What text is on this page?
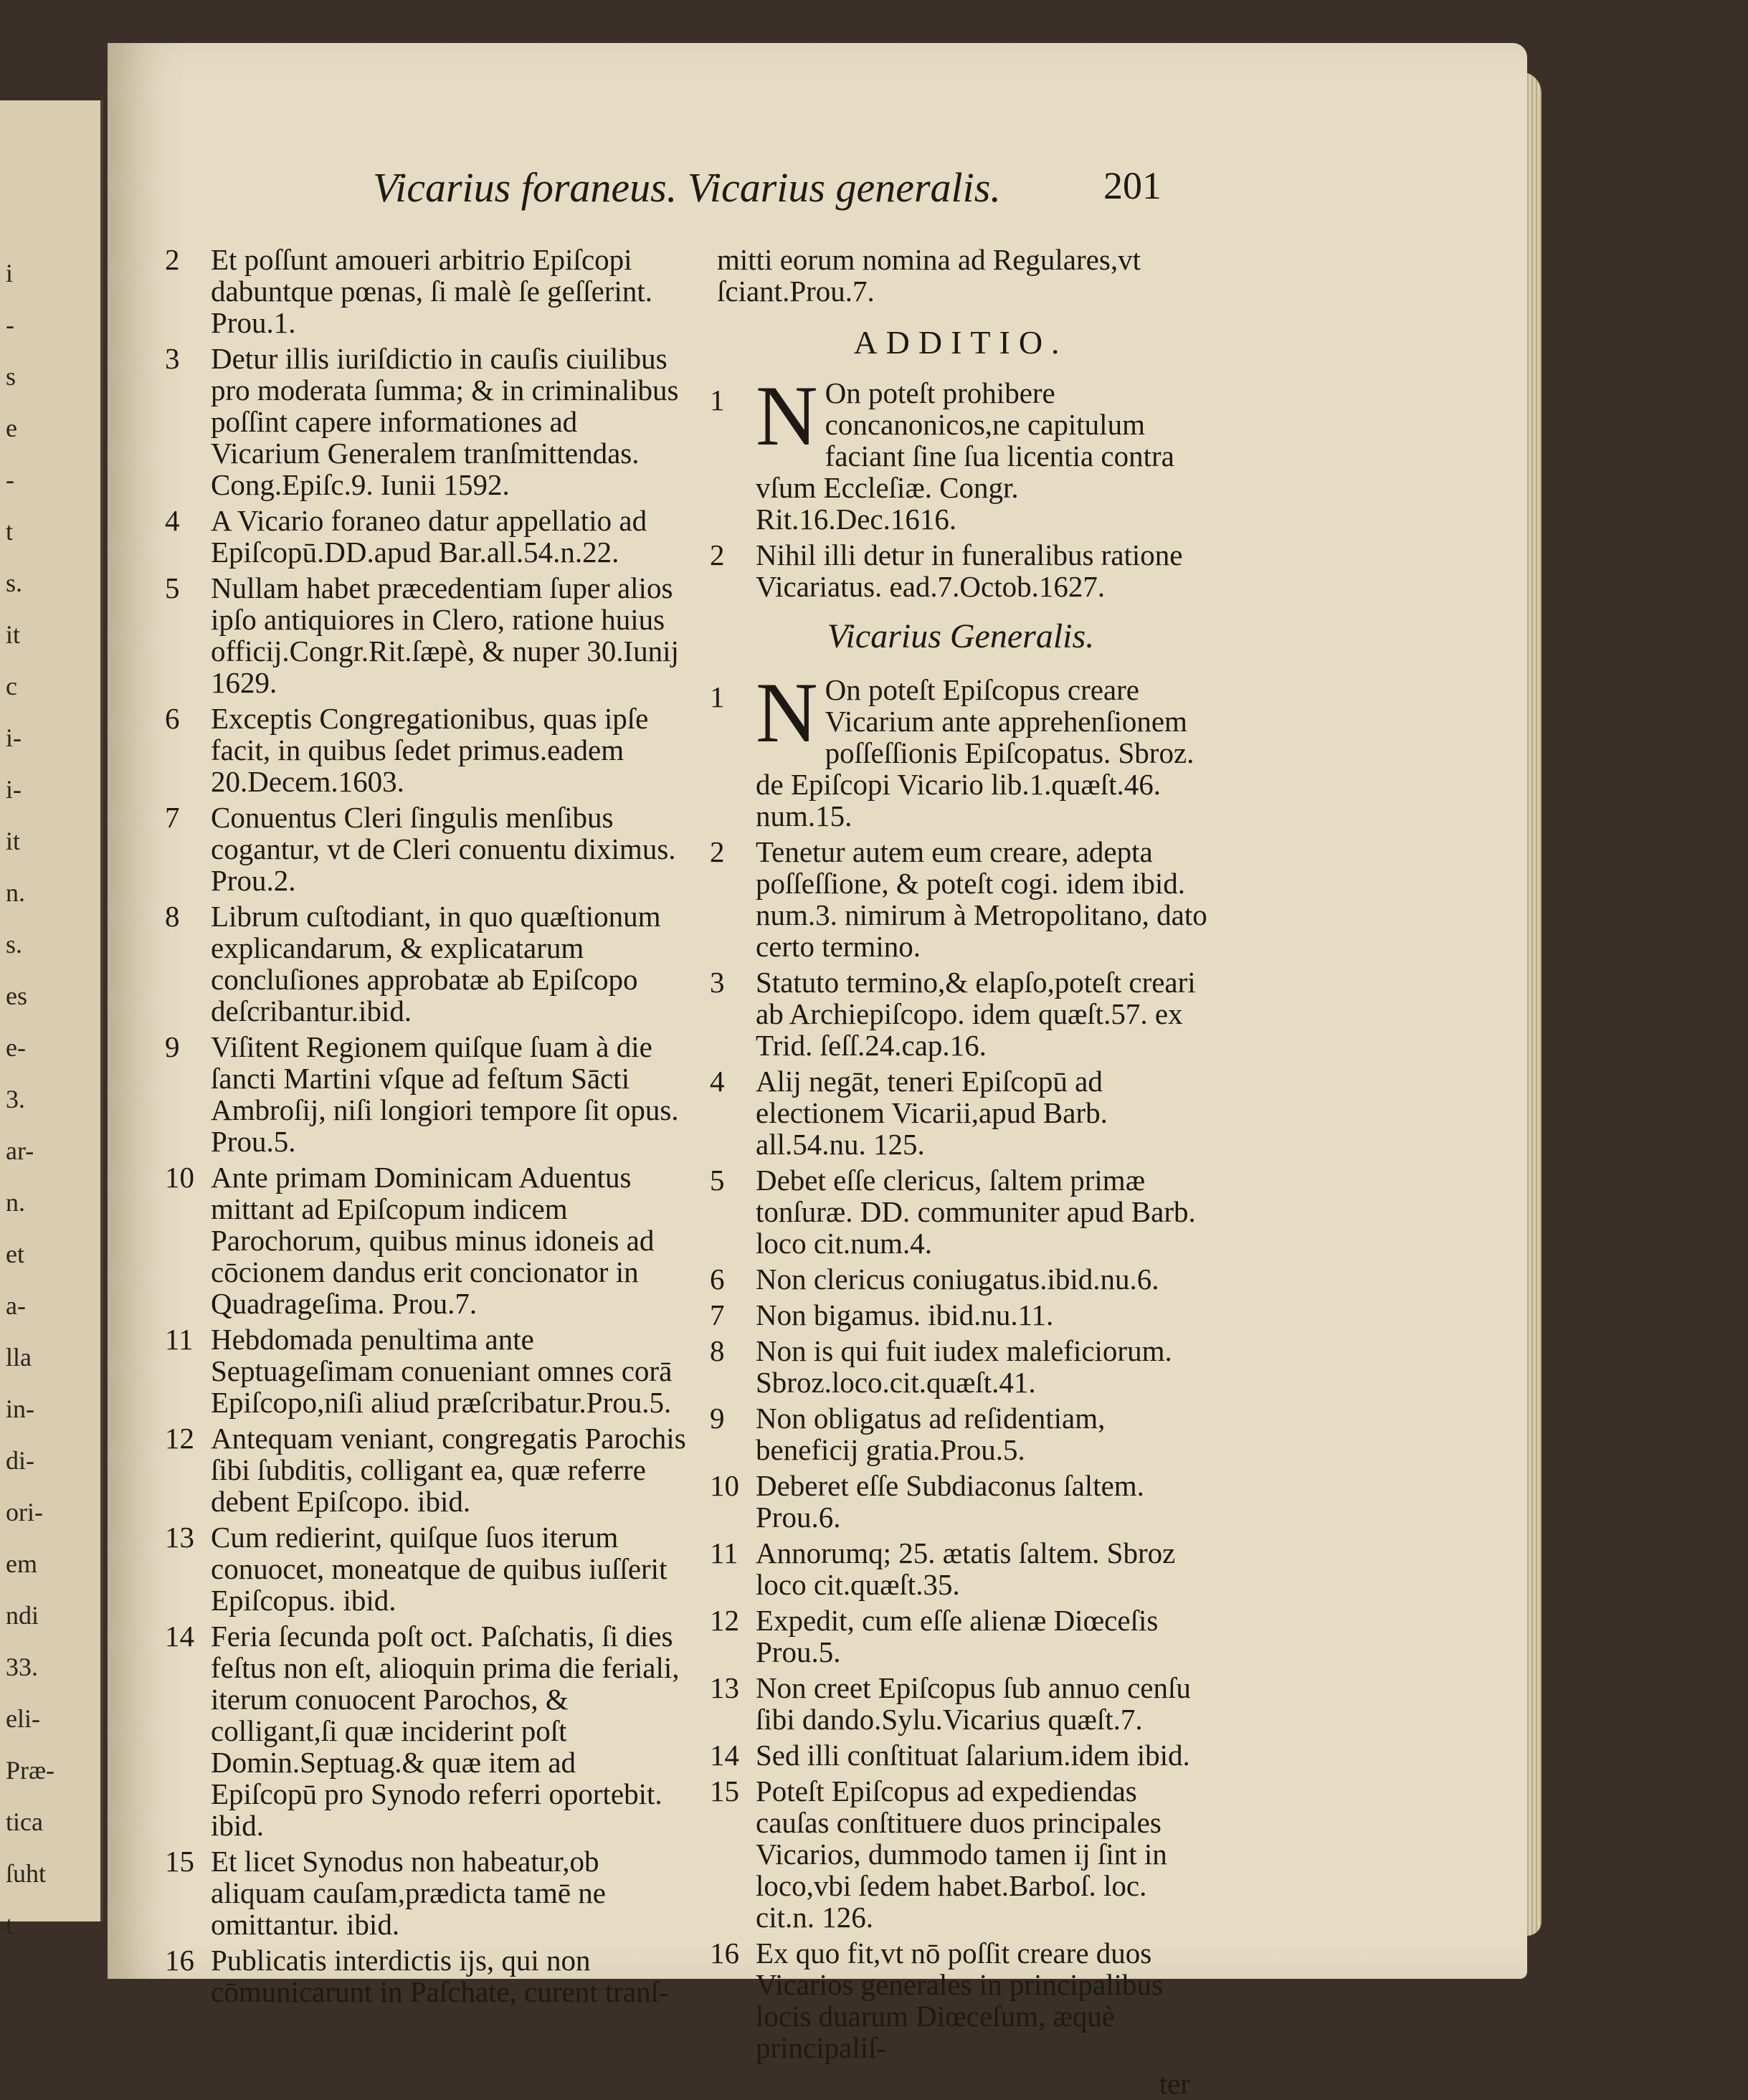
i
-
s
e
-
t
s.
it
c
i-
i-
it
n.
s.
es
e-
3.
ar-
n.
et
a-
lla
in-
di-
ori-
em
ndi
33.
eli-
Præ-
tica
ſuht
t
Vicarius foraneus. Vicarius generalis.	201
2	Et poſſunt amoueri arbitrio Epiſcopi dabuntque pœnas, ſi malè ſe geſſerint. Prou.1.
3	Detur illis iuriſdictio in cauſis ciuilibus pro moderata ſumma; & in criminalibus poſſint capere informationes ad Vicarium Generalem tranſmittendas. Cong.Epiſc.9. Iunii 1592.
4	A Vicario foraneo datur appellatio ad Epiſcopū.DD.apud Bar.all.54.n.22.
5	Nullam habet præcedentiam ſuper alios ipſo antiquiores in Clero, ratione huius officij.Congr.Rit.ſæpè, & nuper 30.Iunij 1629.
6	Exceptis Congregationibus, quas ipſe facit, in quibus ſedet primus.eadem 20.Decem.1603.
7	Conuentus Cleri ſingulis menſibus cogantur, vt de Cleri conuentu diximus. Prou.2.
8	Librum cuſtodiant, in quo quæſtionum explicandarum, & explicatarum concluſiones approbatæ ab Epiſcopo deſcribantur.ibid.
9	Viſitent Regionem quiſque ſuam à die ſancti Martini vſque ad feſtum Sācti Ambroſij, niſi longiori tempore ſit opus. Prou.5.
10 Ante primam Dominicam Aduentus mittant ad Epiſcopum indicem Parochorum, quibus minus idoneis ad cōcionem dandus erit concionator in Quadrageſima. Prou.7.
11 Hebdomada penultima ante Septuageſimam conueniant omnes corā Epiſcopo,niſi aliud præſcribatur.Prou.5.
12 Antequam veniant, congregatis Parochis ſibi ſubditis, colligant ea, quæ referre debent Epiſcopo. ibid.
13 Cum redierint, quiſque ſuos iterum conuocet, moneatque de quibus iuſſerit Epiſcopus. ibid.
14 Feria ſecunda poſt oct. Paſchatis, ſi dies feſtus non eſt, alioquin prima die feriali, iterum conuocent Parochos, & colligant,ſi quæ inciderint poſt Domin.Septuag.& quæ item ad Epiſcopū pro Synodo referri oportebit. ibid.
15 Et licet Synodus non habeatur,ob aliquam cauſam,prædicta tamē ne omittantur. ibid.
16 Publicatis interdictis ijs, qui non cōmunicarunt in Paſchate, curent tranſ-
mitti eorum nomina ad Regulares,vt ſciant.Prou.7.
ADDITIO.
1 N On poteſt prohibere concanonicos,ne capitulum faciant ſine ſua licentia contra vſum Eccleſiæ. Congr. Rit.16.Dec.1616.
2	Nihil illi detur in funeralibus ratione Vicariatus. ead.7.Octob.1627.
Vicarius Generalis.
1 N On poteſt Epiſcopus creare Vicarium ante apprehenſionem poſſeſſionis Epiſcopatus. Sbroz. de Epiſcopi Vicario lib.1.quæſt.46. num.15.
2	Tenetur autem eum creare, adepta poſſeſſione, & poteſt cogi. idem ibid. num.3. nimirum à Metropolitano, dato certo termino.
3	Statuto termino,& elapſo,poteſt creari ab Archiepiſcopo. idem quæſt.57. ex Trid. ſeſſ.24.cap.16.
4	Alij negāt, teneri Epiſcopū ad electionem Vicarii,apud Barb. all.54.nu. 125.
5	Debet eſſe clericus, ſaltem primæ tonſuræ. DD. communiter apud Barb. loco cit.num.4.
6	Non clericus coniugatus.ibid.nu.6.
7	Non bigamus. ibid.nu.11.
8	Non is qui fuit iudex maleficiorum. Sbroz.loco.cit.quæſt.41.
9	Non obligatus ad reſidentiam, beneficij gratia.Prou.5.
10 Deberet eſſe Subdiaconus ſaltem. Prou.6.
11 Annorumq; 25. ætatis ſaltem. Sbroz loco cit.quæſt.35.
12 Expedit, cum eſſe alienæ Diœceſis Prou.5.
13 Non creet Epiſcopus ſub annuo cenſu ſibi dando.Sylu.Vicarius quæſt.7.
14 Sed illi conſtituat ſalarium.idem ibid.
15 Poteſt Epiſcopus ad expediendas cauſas conſtituere duos principales Vicarios, dummodo tamen ij ſint in loco,vbi ſedem habet.Barboſ. loc. cit.n. 126.
16 Ex quo fit,vt nō poſſit creare duos Vicarios generales in principalibus locis duarum Diœceſum, æquè principaliſ-
ter
